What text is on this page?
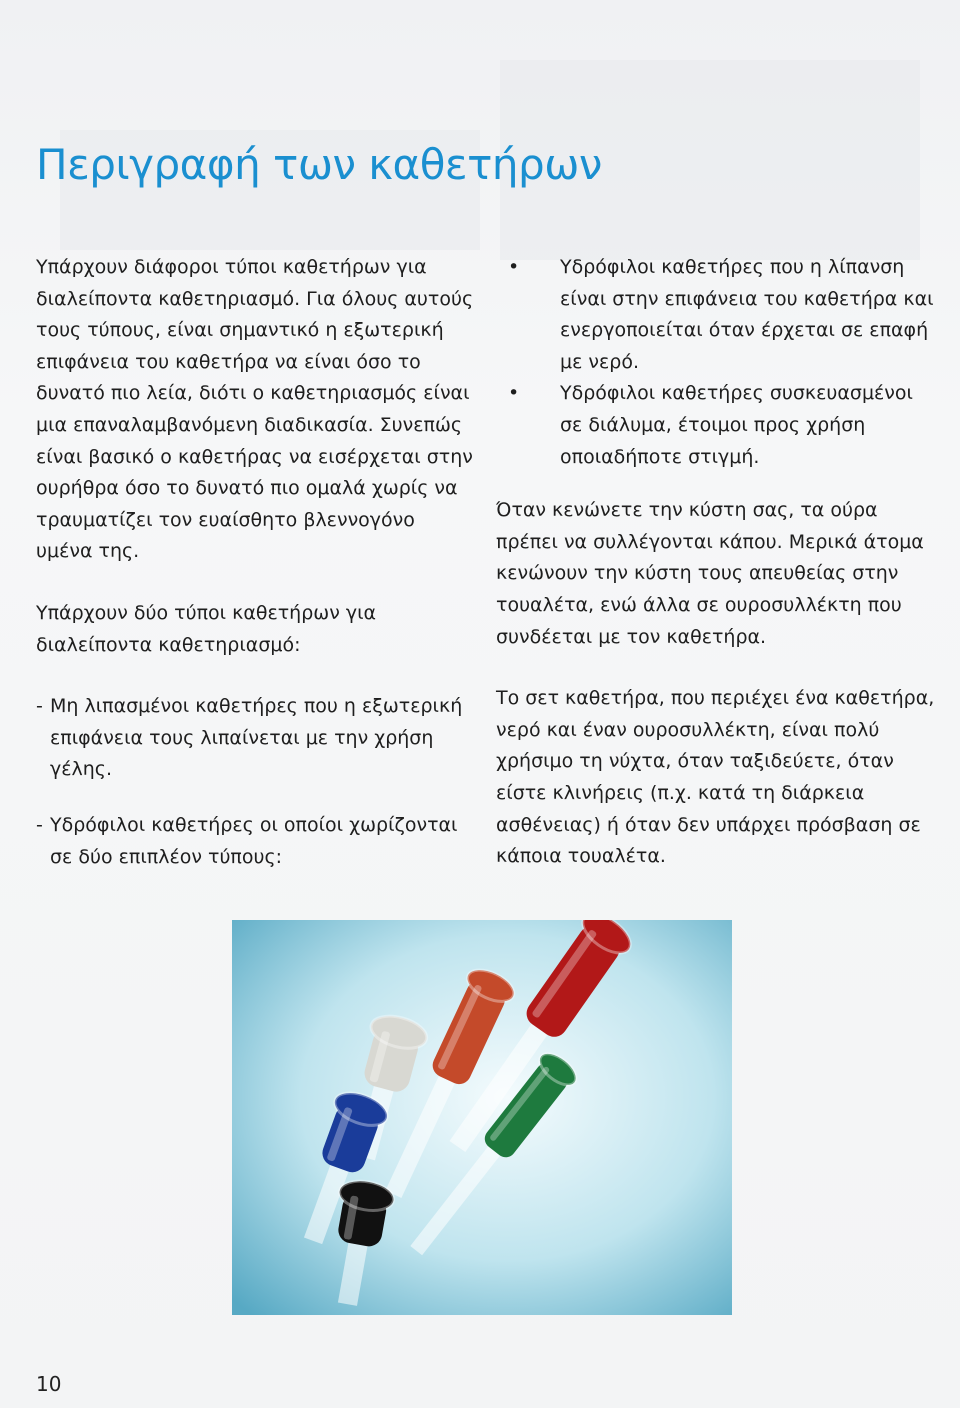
Περιγραφή των καθετήρων

Υπάρχουν διάφοροι τύποι καθετήρων για διαλείποντα καθετηριασμό. Για όλους αυτούς τους τύπους, είναι σημαντικό η εξωτερική επιφάνεια του καθετήρα να είναι όσο το δυνατό πιο λεία, διότι ο καθετηριασμός είναι μια επαναλαμβανόμενη διαδικασία. Συνεπώς είναι βασικό ο καθετήρας να εισέρχεται στην ουρήθρα όσο το δυνατό πιο ομαλά χωρίς να τραυματίζει τον ευαίσθητο βλεννογόνο υμένα της.

Υπάρχουν δύο τύποι καθετήρων για διαλείποντα καθετηριασμό:

- Μη λιπασμένοι καθετήρες που η εξωτερική επιφάνεια τους λιπαίνεται με την χρήση γέλης.
- Υδρόφιλοι καθετήρες οι οποίοι χωρίζονται σε δύο επιπλέον τύπους:
•	Υδρόφιλοι καθετήρες που η λίπανση είναι στην επιφάνεια του καθετήρα και ενεργοποιείται όταν έρχεται σε επαφή με νερό.
•	Υδρόφιλοι καθετήρες συσκευασμένοι σε διάλυμα, έτοιμοι προς χρήση οποιαδήποτε στιγμή.

Όταν κενώνετε την κύστη σας, τα ούρα πρέπει να συλλέγονται κάπου. Μερικά άτομα κενώνουν την κύστη τους απευθείας στην τουαλέτα, ενώ άλλα σε ουροσυλλέκτη που συνδέεται με τον καθετήρα.

Το σετ καθετήρα, που περιέχει ένα καθετήρα, νερό και έναν ουροσυλλέκτη, είναι πολύ χρήσιμο τη νύχτα, όταν ταξιδεύετε, όταν είστε κλινήρεις (π.χ. κατά τη διάρκεια ασθένειας) ή όταν δεν υπάρχει πρόσβαση σε κάποια τουαλέτα.

10
